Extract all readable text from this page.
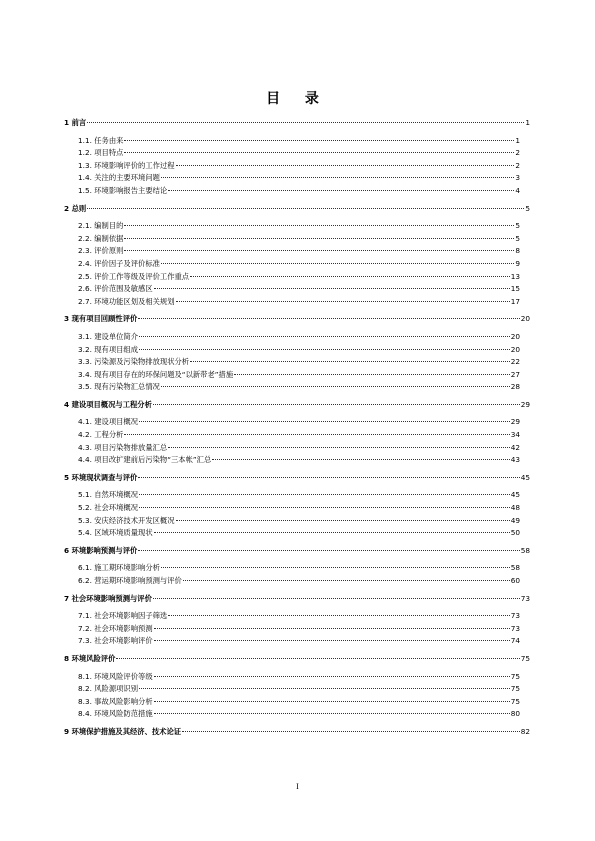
目 录
1 前言	1
1.1. 任务由来	1
1.2. 项目特点	2
1.3. 环境影响评价的工作过程	2
1.4. 关注的主要环境问题	3
1.5. 环境影响报告主要结论	4
2 总则	5
2.1. 编制目的	5
2.2. 编制依据	5
2.3. 评价原则	8
2.4. 评价因子及评价标准	9
2.5. 评价工作等级及评价工作重点	13
2.6. 评价范围及敏感区	15
2.7. 环境功能区划及相关规划	17
3 现有项目回顾性评价	20
3.1. 建设单位简介	20
3.2. 现有项目组成	20
3.3. 污染源及污染物排放现状分析	22
3.4. 现有项目存在的环保问题及“以新带老”措施	27
3.5. 现有污染物汇总情况	28
4 建设项目概况与工程分析	29
4.1. 建设项目概况	29
4.2. 工程分析	34
4.3. 项目污染物排放量汇总	42
4.4. 项目改扩建前后污染物“三本帐”汇总	43
5 环境现状调查与评价	45
5.1. 自然环境概况	45
5.2. 社会环境概况	48
5.3. 安庆经济技术开发区概况	49
5.4. 区域环境质量现状	50
6 环境影响预测与评价	58
6.1. 施工期环境影响分析	58
6.2. 营运期环境影响预测与评价	60
7 社会环境影响预测与评价	73
7.1. 社会环境影响因子筛选	73
7.2. 社会环境影响预测	73
7.3. 社会环境影响评价	74
8 环境风险评价	75
8.1. 环境风险评价等级	75
8.2. 风险源项识别	75
8.3. 事故风险影响分析	75
8.4. 环境风险防范措施	80
9 环境保护措施及其经济、技术论证	82
I
